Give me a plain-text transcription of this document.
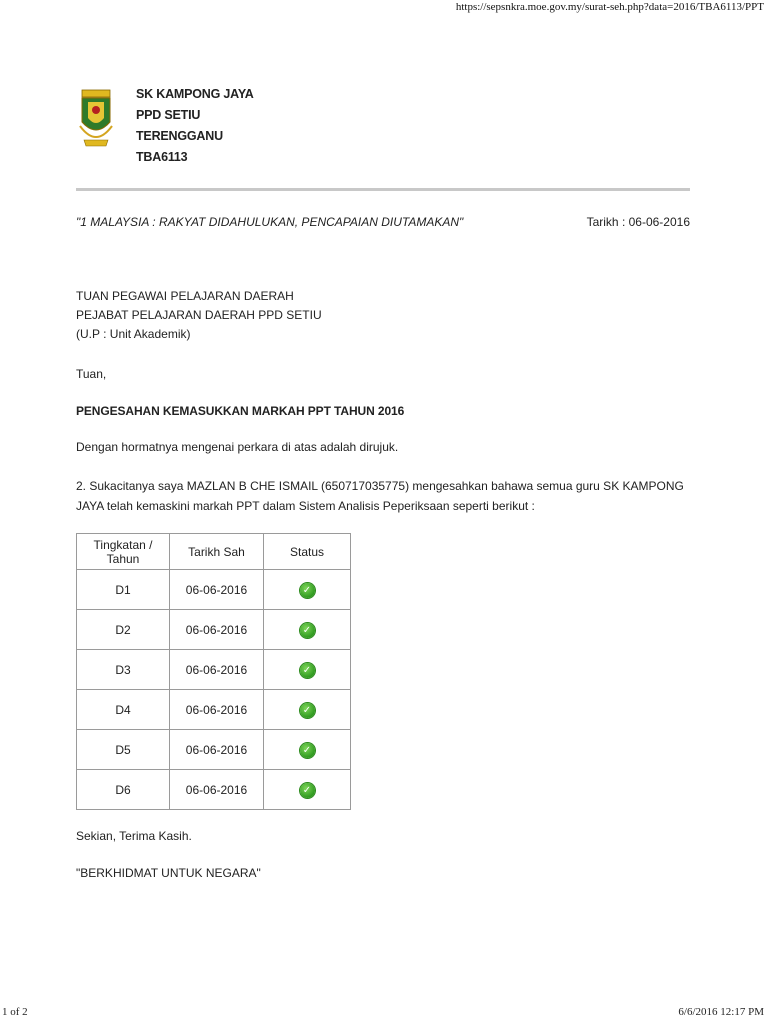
https://sepsnkra.moe.gov.my/surat-seh.php?data=2016/TBA6113/PPT
SK KAMPONG JAYA
PPD SETIU
TERENGGANU
TBA6113
"1 MALAYSIA : RAKYAT DIDAHULUKAN, PENCAPAIAN DIUTAMAKAN"	Tarikh : 06-06-2016
TUAN PEGAWAI PELAJARAN DAERAH
PEJABAT PELAJARAN DAERAH PPD SETIU
(U.P : Unit Akademik)
Tuan,
PENGESAHAN KEMASUKKAN MARKAH PPT TAHUN 2016
Dengan hormatnya mengenai perkara di atas adalah dirujuk.
2. Sukacitanya saya MAZLAN B CHE ISMAIL (650717035775) mengesahkan bahawa semua guru SK KAMPONG JAYA telah kemaskini markah PPT dalam Sistem Analisis Peperiksaan seperti berikut :
Tingkatan / Tahun	Tarikh Sah	Status
D1	06-06-2016	✓
D2	06-06-2016	✓
D3	06-06-2016	✓
D4	06-06-2016	✓
D5	06-06-2016	✓
D6	06-06-2016	✓
Sekian, Terima Kasih.
"BERKHIDMAT UNTUK NEGARA"
1 of 2	6/6/2016 12:17 PM
